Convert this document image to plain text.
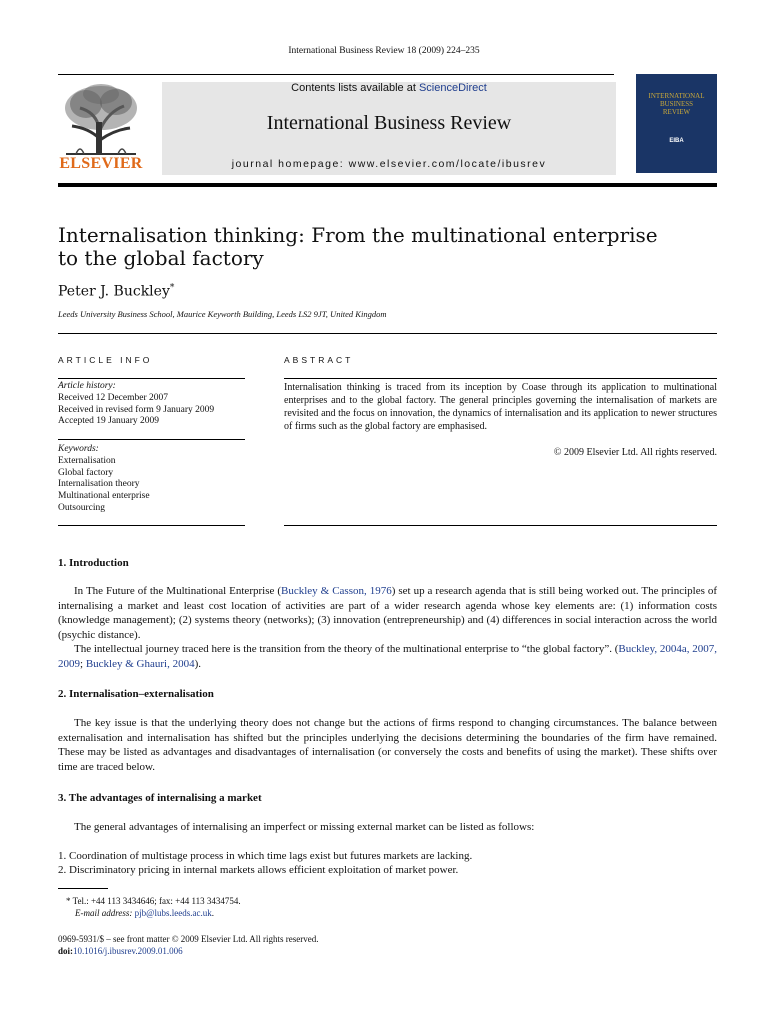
International Business Review 18 (2009) 224–235
ELSEVIER
Contents lists available at ScienceDirect
International Business Review
journal homepage: www.elsevier.com/locate/ibusrev
INTERNATIONAL
BUSINESS
REVIEW
EIBA
Internalisation thinking: From the multinational enterprise
to the global factory
Peter J. Buckley*
Leeds University Business School, Maurice Keyworth Building, Leeds LS2 9JT, United Kingdom
ARTICLE INFO	ABSTRACT
Article history:
Received 12 December 2007
Received in revised form 9 January 2009
Accepted 19 January 2009
Keywords:
Externalisation
Global factory
Internalisation theory
Multinational enterprise
Outsourcing
Internalisation thinking is traced from its inception by Coase through its application to multinational enterprises and to the global factory. The general principles governing the internalisation of markets are revisited and the focus on innovation, the dynamics of internalisation and its application to newer structures of firms such as the global factory are emphasised.
© 2009 Elsevier Ltd. All rights reserved.
1. Introduction
In The Future of the Multinational Enterprise (Buckley & Casson, 1976) set up a research agenda that is still being worked out. The principles of internalising a market and least cost location of activities are part of a wider research agenda whose key elements are: (1) information costs (knowledge management); (2) systems theory (networks); (3) innovation (entrepreneurship) and (4) differences in social interaction across the world (psychic distance).
The intellectual journey traced here is the transition from the theory of the multinational enterprise to “the global factory”. (Buckley, 2004a, 2007, 2009; Buckley & Ghauri, 2004).
2. Internalisation–externalisation
The key issue is that the underlying theory does not change but the actions of firms respond to changing circumstances. The balance between externalisation and internalisation has shifted but the principles underlying the decisions determining the boundaries of the firm have remained. These may be listed as advantages and disadvantages of internalisation (or conversely the costs and benefits of using the market). These shifts over time are traced below.
3. The advantages of internalising a market
The general advantages of internalising an imperfect or missing external market can be listed as follows:
1. Coordination of multistage process in which time lags exist but futures markets are lacking.
2. Discriminatory pricing in internal markets allows efficient exploitation of market power.
* Tel.: +44 113 3434646; fax: +44 113 3434754.
E-mail address: pjb@lubs.leeds.ac.uk.
0969-5931/$ – see front matter © 2009 Elsevier Ltd. All rights reserved.
doi:10.1016/j.ibusrev.2009.01.006
